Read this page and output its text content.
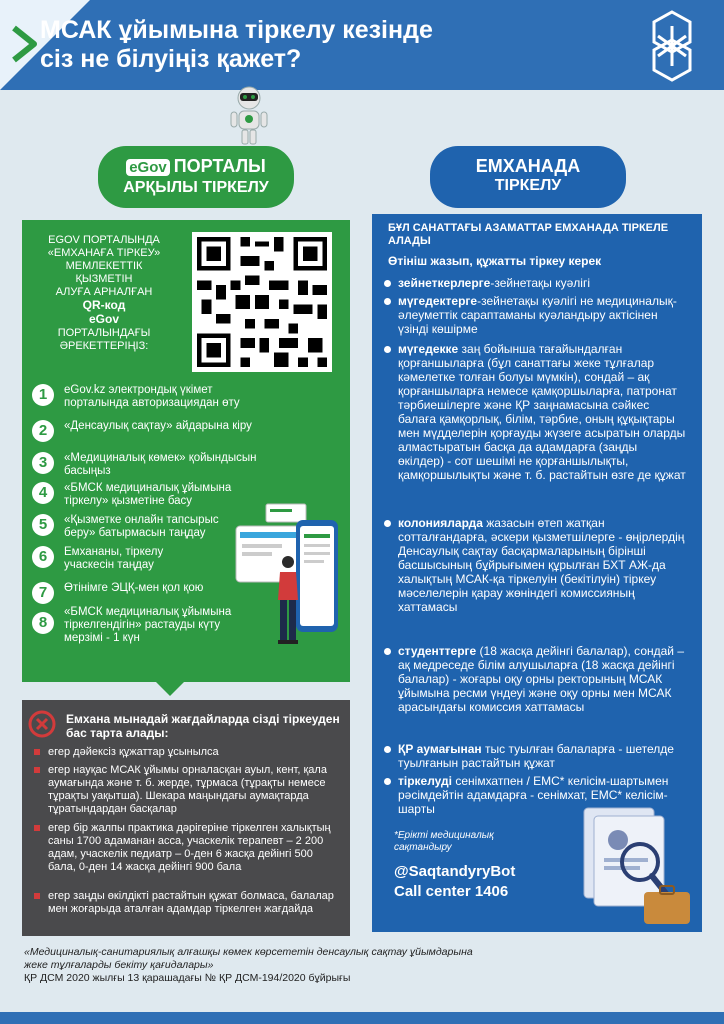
МСАК ұйымына тіркелу кезінде
сіз не білуіңіз қажет?
eGov ПОРТАЛЫ
АРҚЫЛЫ ТІРКЕЛУ
ЕМХАНАДА
ТІРКЕЛУ
EGOV ПОРТАЛЫНДА
«ЕМХАНАҒА ТІРКЕУ»
МЕМЛЕКЕТТІК
ҚЫЗМЕТІН
АЛУҒА АРНАЛҒАН
QR-код
eGov
ПОРТАЛЫНДАҒЫ
ӘРЕКЕТТЕРІҢІЗ:
1	eGov.kz электрондық үкімет порталында авторизациядан өту
2	«Денсаулық сақтау» айдарына кіру
3	«Медициналық көмек» қойындысын басыңыз
4	«БМСК медициналық ұйымына тіркелу» қызметіне басу
5	«Қызметке онлайн тапсырыс беру» батырмасын таңдау
6	Емхананы, тіркелу учаскесін таңдау
7	Өтінімге ЭЦҚ-мен қол қою
8
«БМСК медициналық ұйымына тіркелгендігін» растауды күту мерзімі - 1 күн
Емхана мынадай жағдайларда сізді тіркеуден бас тарта алады:
егер дәйексіз құжаттар ұсынылса
егер науқас МСАК ұйымы орналасқан ауыл, кент, қала аумағында және т. б. жерде, тұрмаса (тұрақты немесе тұрақты уақытша). Шекара маңындағы аумақтарда тұратындардан басқалар
егер бір жалпы практика дәрігеріне тіркелген халықтың саны 1700 адаманан асса, учаскелік терапевт – 2 200 адам, учаскелік педиатр – 0-ден 6 жасқа дейінгі 500 бала, 0-ден 14 жасқа дейінгі 900 бала
егер заңды өкілдікті растайтын құжат болмаса, балалар мен жоғарыда аталған адамдар тіркелген жағдайда
БҰЛ САНАТТАҒЫ АЗАМАТТАР ЕМХАНАДА ТІРКЕЛЕ АЛАДЫ
Өтініш жазып, құжатты тіркеу керек
зейнеткерлерге-зейнетақы куәлігі
мүгедектерге-зейнетақы куәлігі не медициналық-әлеуметтік сараптаманы куәландыру актісінен үзінді көшірме
мүгедекке заң бойынша тағайындалған қорғаншыларға (бұл санаттағы жеке тұлғалар кәмелетке толған болуы мүмкін), сондай – ақ қорғаншыларға немесе қамқоршыларға, патронат тәрбиешілерге және ҚР заңнамасына сәйкес балаға қамқорлық, білім, тәрбие, оның құқықтары мен мүдделерін қорғауды жүзеге асыратын оларды алмастыратын басқа да адамдарға (заңды өкілдер) - сот шешімі не қорғаншылықты, қамқоршылықты және т. б. растайтын өзге де құжат
колонияларда жазасын өтеп жатқан сотталғандарға, әскери қызметшілерге - өңірлердің Денсаулық сақтау басқармаларының бірінші басшысының бұйрығымен құрылған БХТ АЖ-да халықтың МСАК-қа тіркелуін (бекітілуін) тіркеу мәселелерін қарау жөніндегі комиссияның хаттамасы
студенттерге (18 жасқа дейінгі балалар), сондай – ақ медреседе білім алушыларға (18 жасқа дейінгі балалар) - жоғары оқу орны ректорының МСАК ұйымына ресми үндеуі және оқу орны мен МСАК арасындағы комиссия хаттамасы
ҚР аумағынан тыс туылған балаларға - шетелде туылғанын растайтын құжат
тіркелуді сенімхатпен / ЕМС* келісім-шартымен рәсімдейтін адамдарға - сенімхат, ЕМС* келісім-шарты
*Ерікті медициналық сақтандыру
@SaqtandyryBot
Call center 1406
«Медициналық-санитариялық алғашқы көмек көрсететін денсаулық сақтау ұйымдарына
жеке тұлғаларды бекіту қағидалары»
ҚР ДСМ 2020 жылғы 13 қарашадағы № ҚР ДСМ-194/2020 бұйрығы
